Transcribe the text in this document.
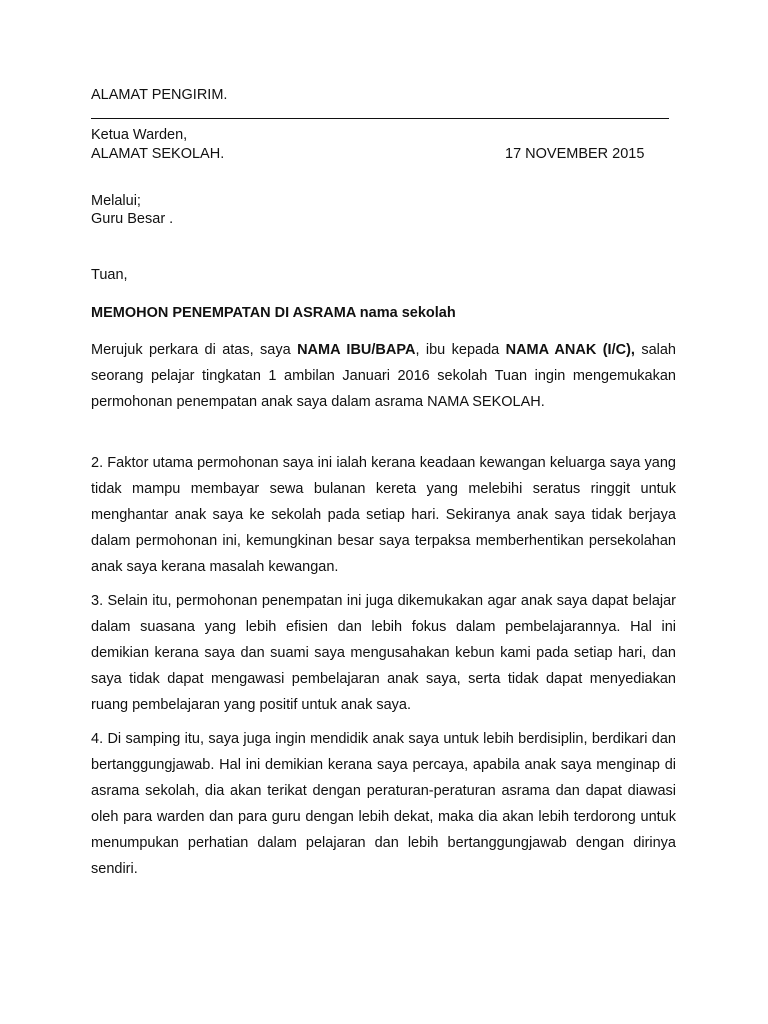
ALAMAT PENGIRIM.
Ketua Warden,
ALAMAT SEKOLAH.	17 NOVEMBER 2015
Melalui;
Guru Besar .
Tuan,
MEMOHON PENEMPATAN DI ASRAMA nama sekolah
Merujuk perkara di atas, saya NAMA IBU/BAPA, ibu kepada NAMA ANAK (I/C), salah seorang pelajar tingkatan 1 ambilan Januari 2016 sekolah Tuan ingin mengemukakan permohonan penempatan anak saya dalam asrama NAMA SEKOLAH.
2. Faktor utama permohonan saya ini ialah kerana keadaan kewangan keluarga saya yang tidak mampu membayar sewa bulanan kereta yang melebihi seratus ringgit untuk menghantar anak saya ke sekolah pada setiap hari. Sekiranya anak saya tidak berjaya dalam permohonan ini, kemungkinan besar saya terpaksa memberhentikan persekolahan anak saya kerana masalah kewangan.
3. Selain itu, permohonan penempatan ini juga dikemukakan agar anak saya dapat belajar dalam suasana yang lebih efisien dan lebih fokus dalam pembelajarannya. Hal ini demikian kerana saya dan suami saya mengusahakan kebun kami pada setiap hari, dan saya tidak dapat mengawasi pembelajaran anak saya, serta tidak dapat menyediakan ruang pembelajaran yang positif untuk anak saya.
4. Di samping itu, saya juga ingin mendidik anak saya untuk lebih berdisiplin, berdikari dan bertanggungjawab. Hal ini demikian kerana saya percaya, apabila anak saya menginap di asrama sekolah, dia akan terikat dengan peraturan-peraturan asrama dan dapat diawasi oleh para warden dan para guru dengan lebih dekat, maka dia akan lebih terdorong untuk menumpukan perhatian dalam pelajaran dan lebih bertanggungjawab dengan dirinya sendiri.
